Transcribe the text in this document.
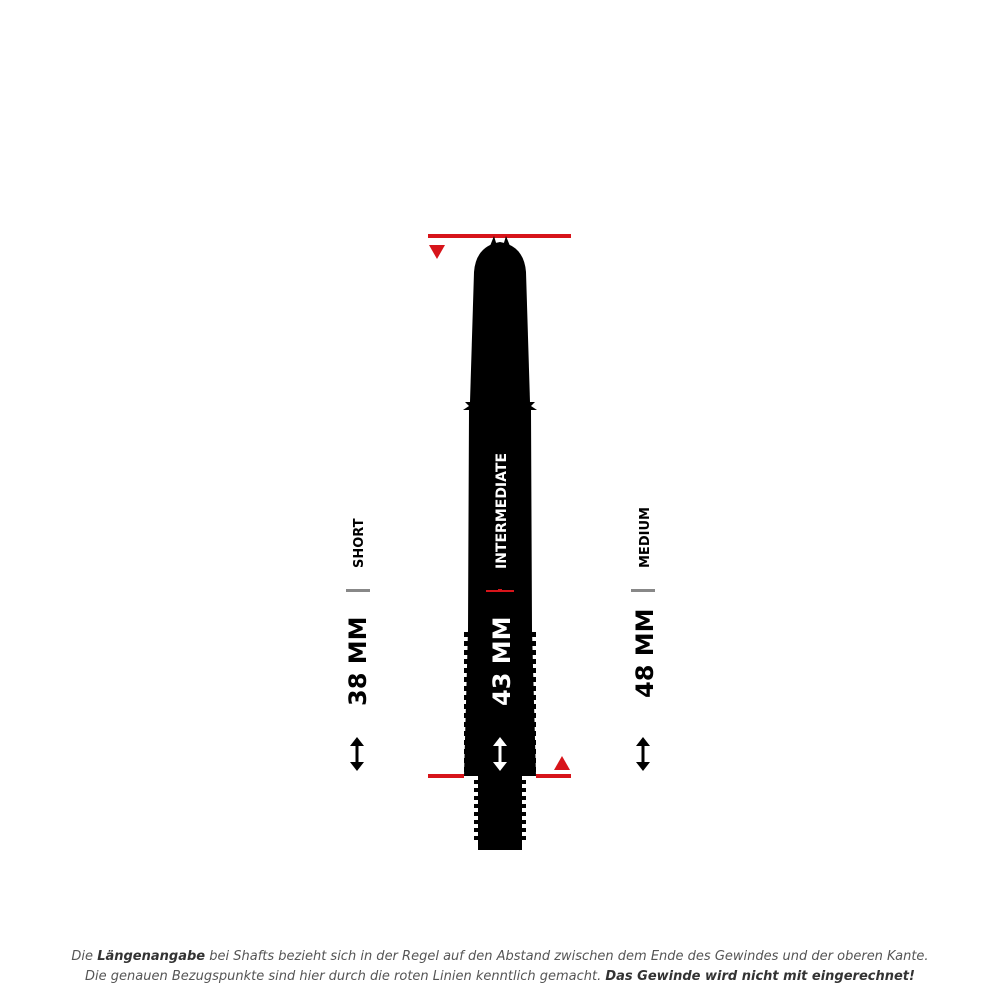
SHORT
38 MM
INTERMEDIATE
43 MM
MEDIUM
48 MM
Die Längenangabe bei Shafts bezieht sich in der Regel auf den Abstand zwischen dem Ende des Gewindes und der oberen Kante.
Die genauen Bezugspunkte sind hier durch die roten Linien kenntlich gemacht. Das Gewinde wird nicht mit eingerechnet!
